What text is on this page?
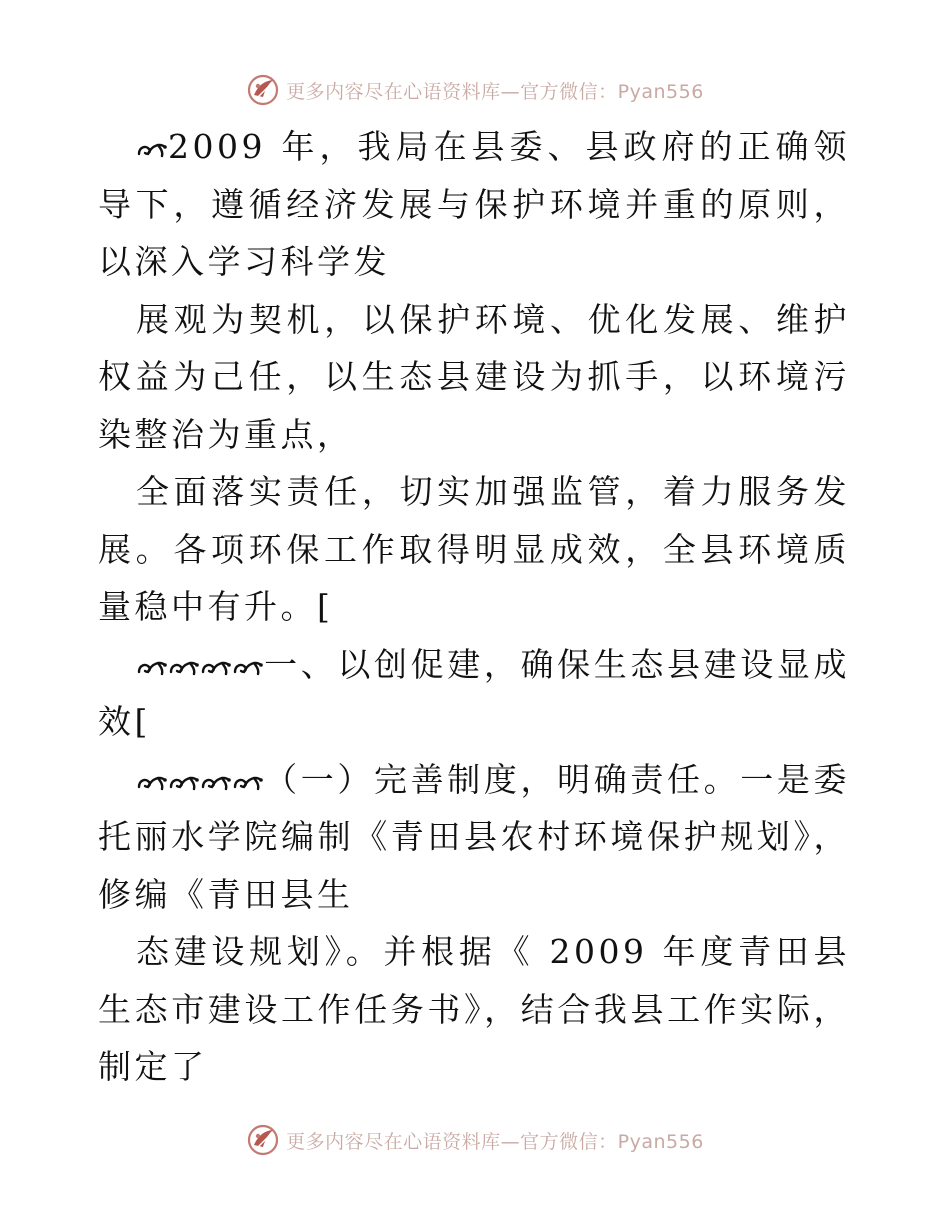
更多内容尽在心语资料库—官方微信：Pyan556

2009 年，我局在县委、县政府的正确领导下，遵循经济发展与保护环境并重的原则，以深入学习科学发

展观为契机，以保护环境、优化发展、维护权益为己任，以生态县建设为抓手，以环境污染整治为重点，

全面落实责任，切实加强监管，着力服务发展。各项环保工作取得明显成效，全县环境质量稳中有升。[

一、以创促建，确保生态县建设显成效[

（一）完善制度，明确责任。一是委托丽水学院编制《青田县农村环境保护规划》，修编《青田县生

态建设规划》。并根据《 2009 年度青田县生态市建设工作任务书》，结合我县工作实际，制定了

更多内容尽在心语资料库—官方微信：Pyan556
